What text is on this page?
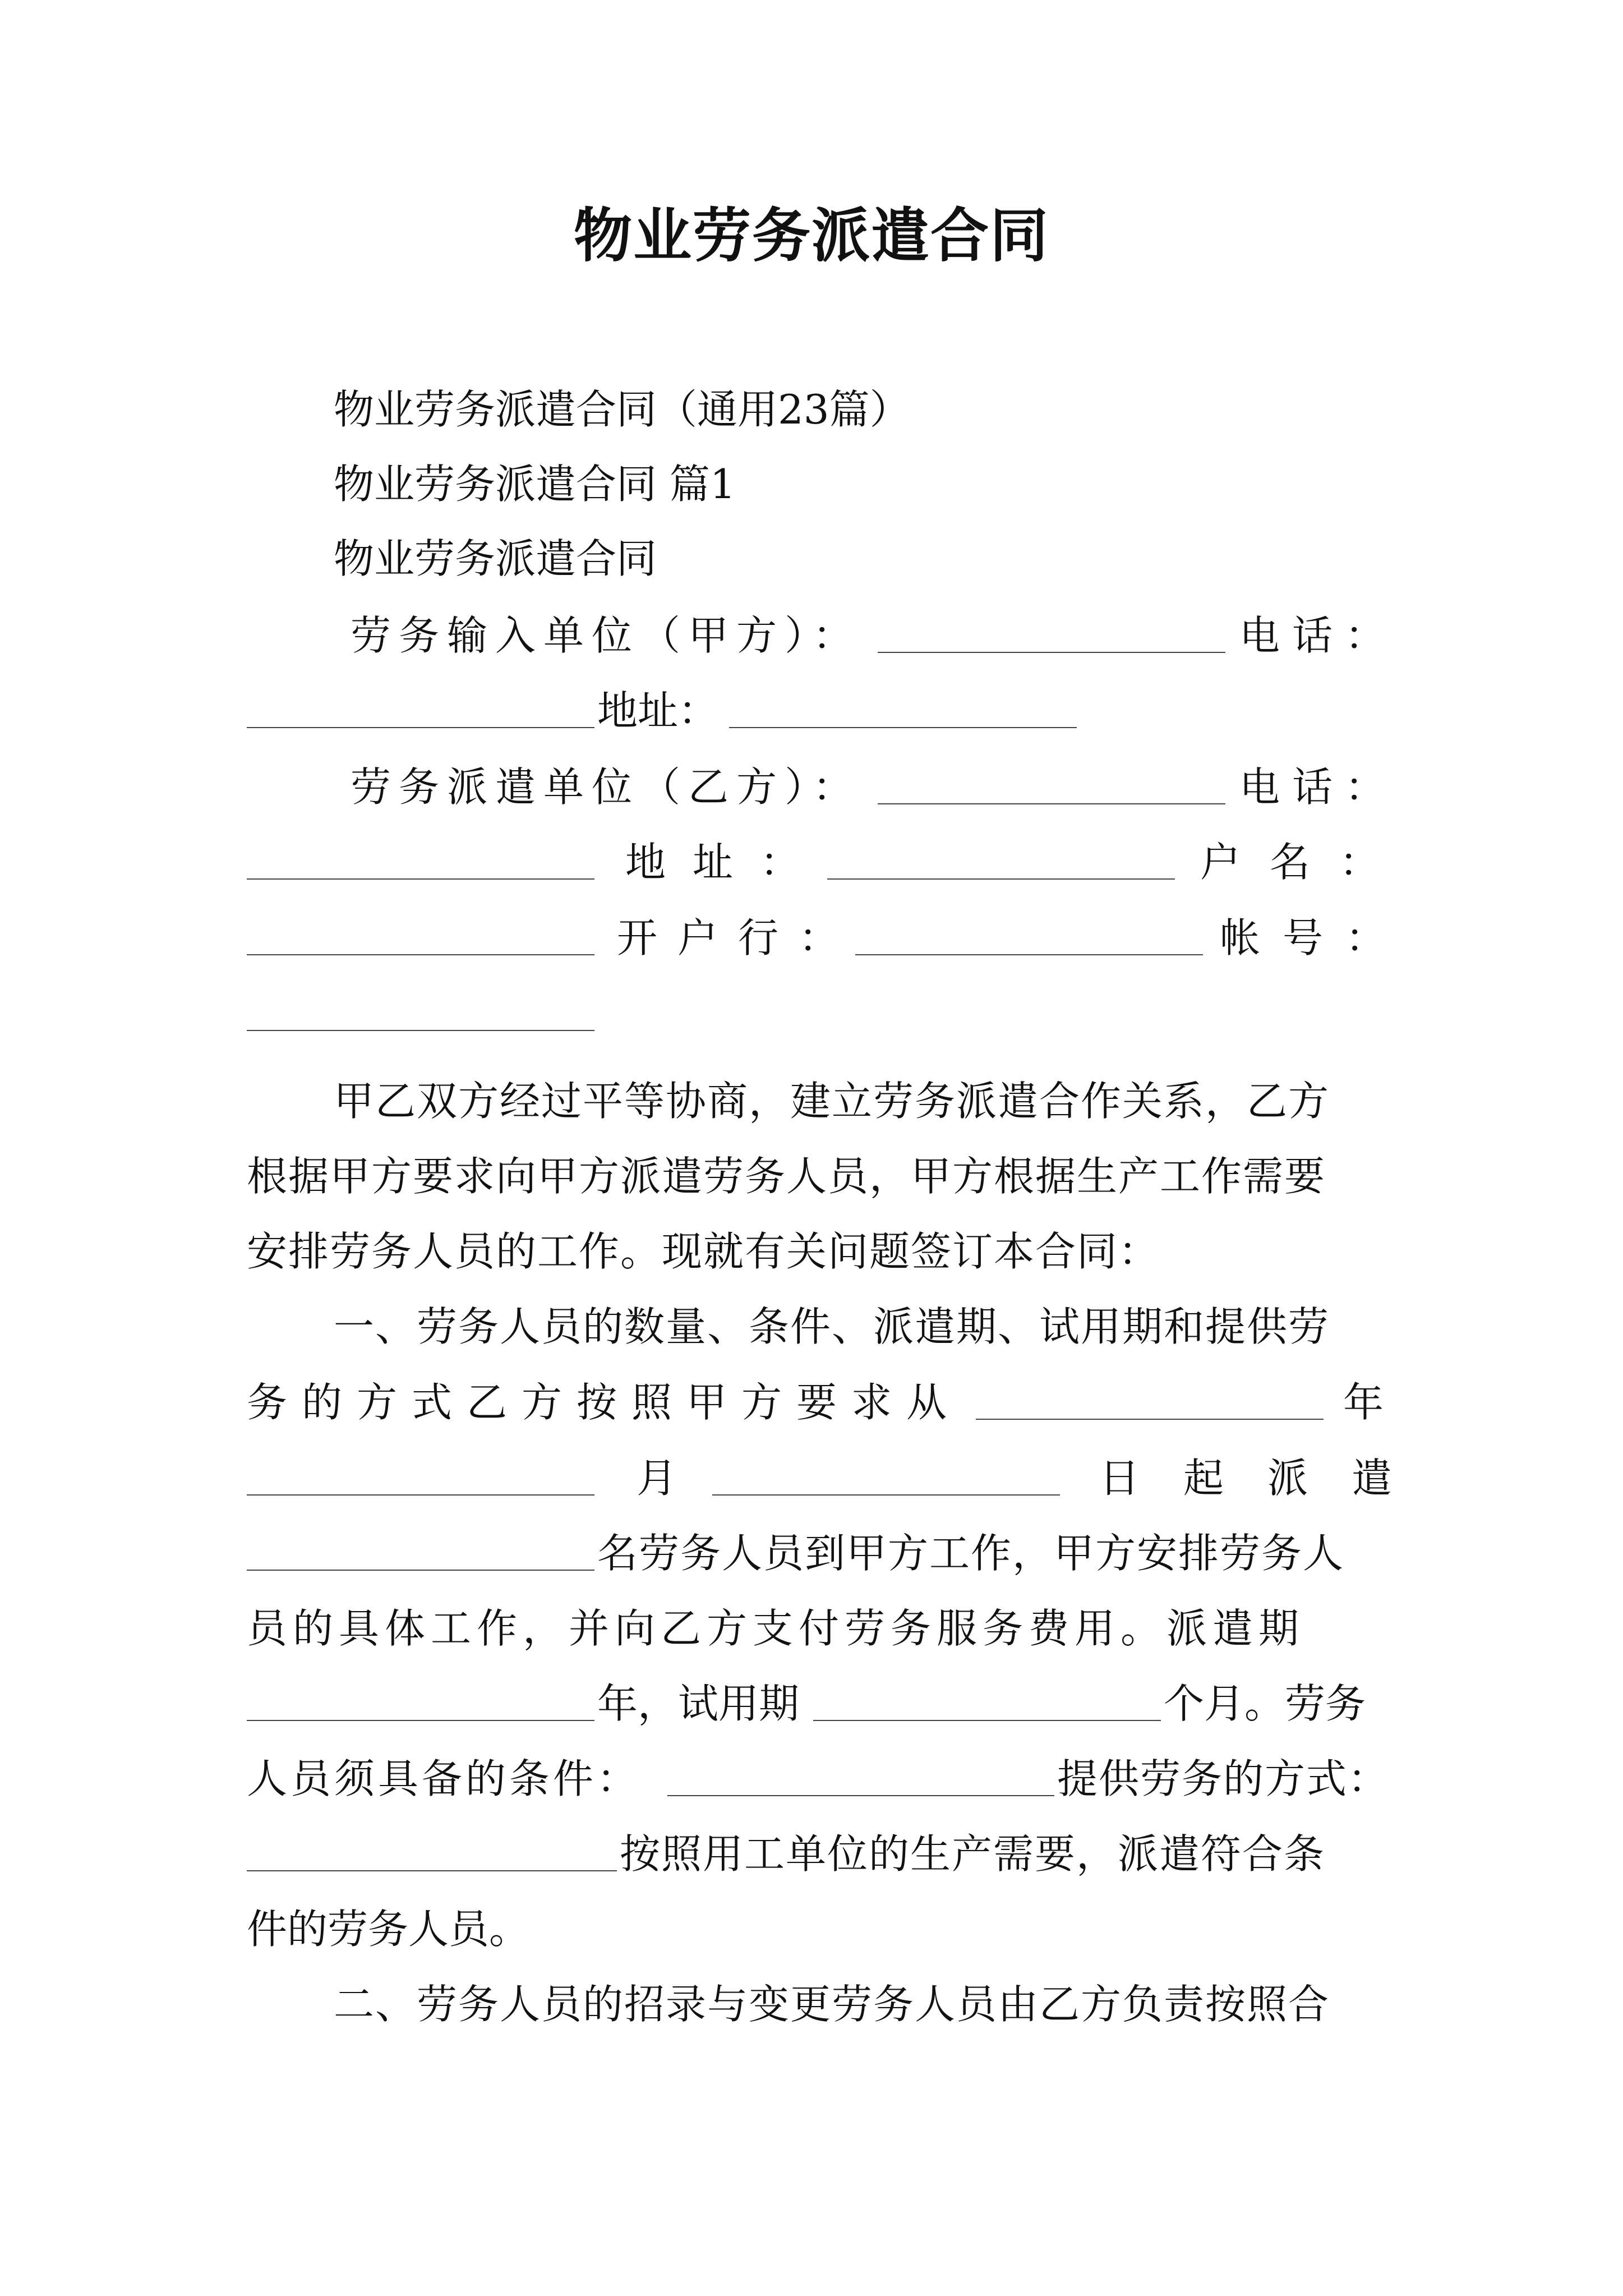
物业劳务派遣合同
物业劳务派遣合同（通用23篇）
物业劳务派遣合同 篇1
物业劳务派遣合同
劳务输入单位（甲方）：	电话：
地址：
劳务派遣单位（乙方）：	电话：
地址：	户名：
开户行：	帐号：
甲乙双方经过平等协商，建立劳务派遣合作关系，乙方
根据甲方要求向甲方派遣劳务人员，甲方根据生产工作需要
安排劳务人员的工作。现就有关问题签订本合同：
一、劳务人员的数量、条件、派遣期、试用期和提供劳
务的方式乙方按照甲方要求从	年
月	日起派遣
名劳务人员到甲方工作，甲方安排劳务人
员的具体工作，并向乙方支付劳务服务费用。派遣期
年，试用期	个月。劳务
人员须具备的条件：	提供劳务的方式：
按照用工单位的生产需要，派遣符合条
件的劳务人员。
二、劳务人员的招录与变更劳务人员由乙方负责按照合
